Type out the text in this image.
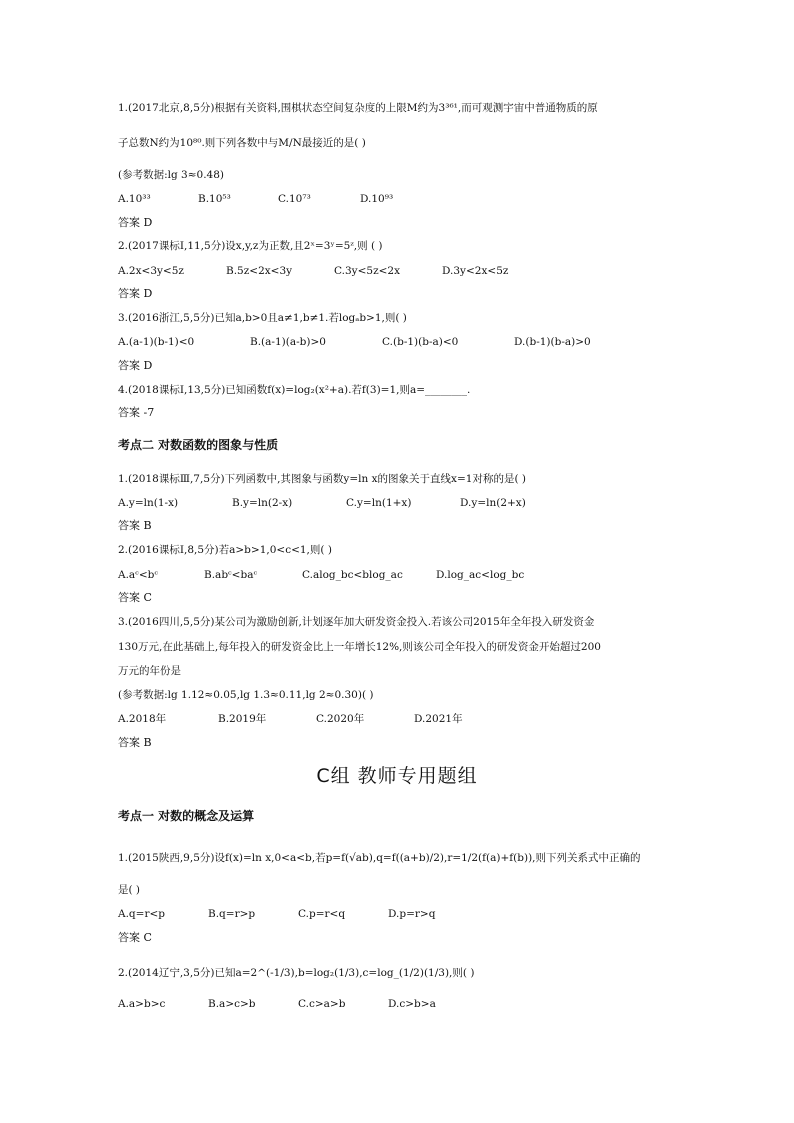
1.(2017北京,8,5分)根据有关资料,围棋状态空间复杂度的上限M约为3³⁶¹,而可观测宇宙中普通物质的原
子总数N约为10⁸⁰.则下列各数中与M/N最接近的是( )
(参考数据:lg 3≈0.48)
A.10³³	B.10⁵³	C.10⁷³	D.10⁹³
答案 D
2.(2017课标Ⅰ,11,5分)设x,y,z为正数,且2ˣ=3ʸ=5ᶻ,则 ( )
A.2x<3y<5z	B.5z<2x<3y	C.3y<5z<2x	D.3y<2x<5z
答案 D
3.(2016浙江,5,5分)已知a,b>0且a≠1,b≠1.若logₐb>1,则( )
A.(a-1)(b-1)<0	B.(a-1)(a-b)>0	C.(b-1)(b-a)<0	D.(b-1)(b-a)>0
答案 D
4.(2018课标Ⅰ,13,5分)已知函数f(x)=log₂(x²+a).若f(3)=1,则a=________.
答案 -7
考点二 对数函数的图象与性质
1.(2018课标Ⅲ,7,5分)下列函数中,其图象与函数y=ln x的图象关于直线x=1对称的是( )
A.y=ln(1-x)	B.y=ln(2-x)	C.y=ln(1+x)	D.y=ln(2+x)
答案 B
2.(2016课标Ⅰ,8,5分)若a>b>1,0<c<1,则( )
A.aᶜ<bᶜ	B.abᶜ<baᶜ	C.alog_bc<blog_ac	D.log_ac<log_bc
答案 C
3.(2016四川,5,5分)某公司为激励创新,计划逐年加大研发资金投入.若该公司2015年全年投入研发资金
130万元,在此基础上,每年投入的研发资金比上一年增长12%,则该公司全年投入的研发资金开始超过200
万元的年份是
(参考数据:lg 1.12≈0.05,lg 1.3≈0.11,lg 2≈0.30)( )
A.2018年	B.2019年	C.2020年	D.2021年
答案 B
C组 教师专用题组
考点一 对数的概念及运算
1.(2015陕西,9,5分)设f(x)=ln x,0<a<b,若p=f(√ab),q=f((a+b)/2),r=1/2(f(a)+f(b)),则下列关系式中正确的
是( )
A.q=r<p	B.q=r>p	C.p=r<q	D.p=r>q
答案 C
2.(2014辽宁,3,5分)已知a=2^(-1/3),b=log₂(1/3),c=log_(1/2)(1/3),则( )
A.a>b>c	B.a>c>b	C.c>a>b	D.c>b>a
